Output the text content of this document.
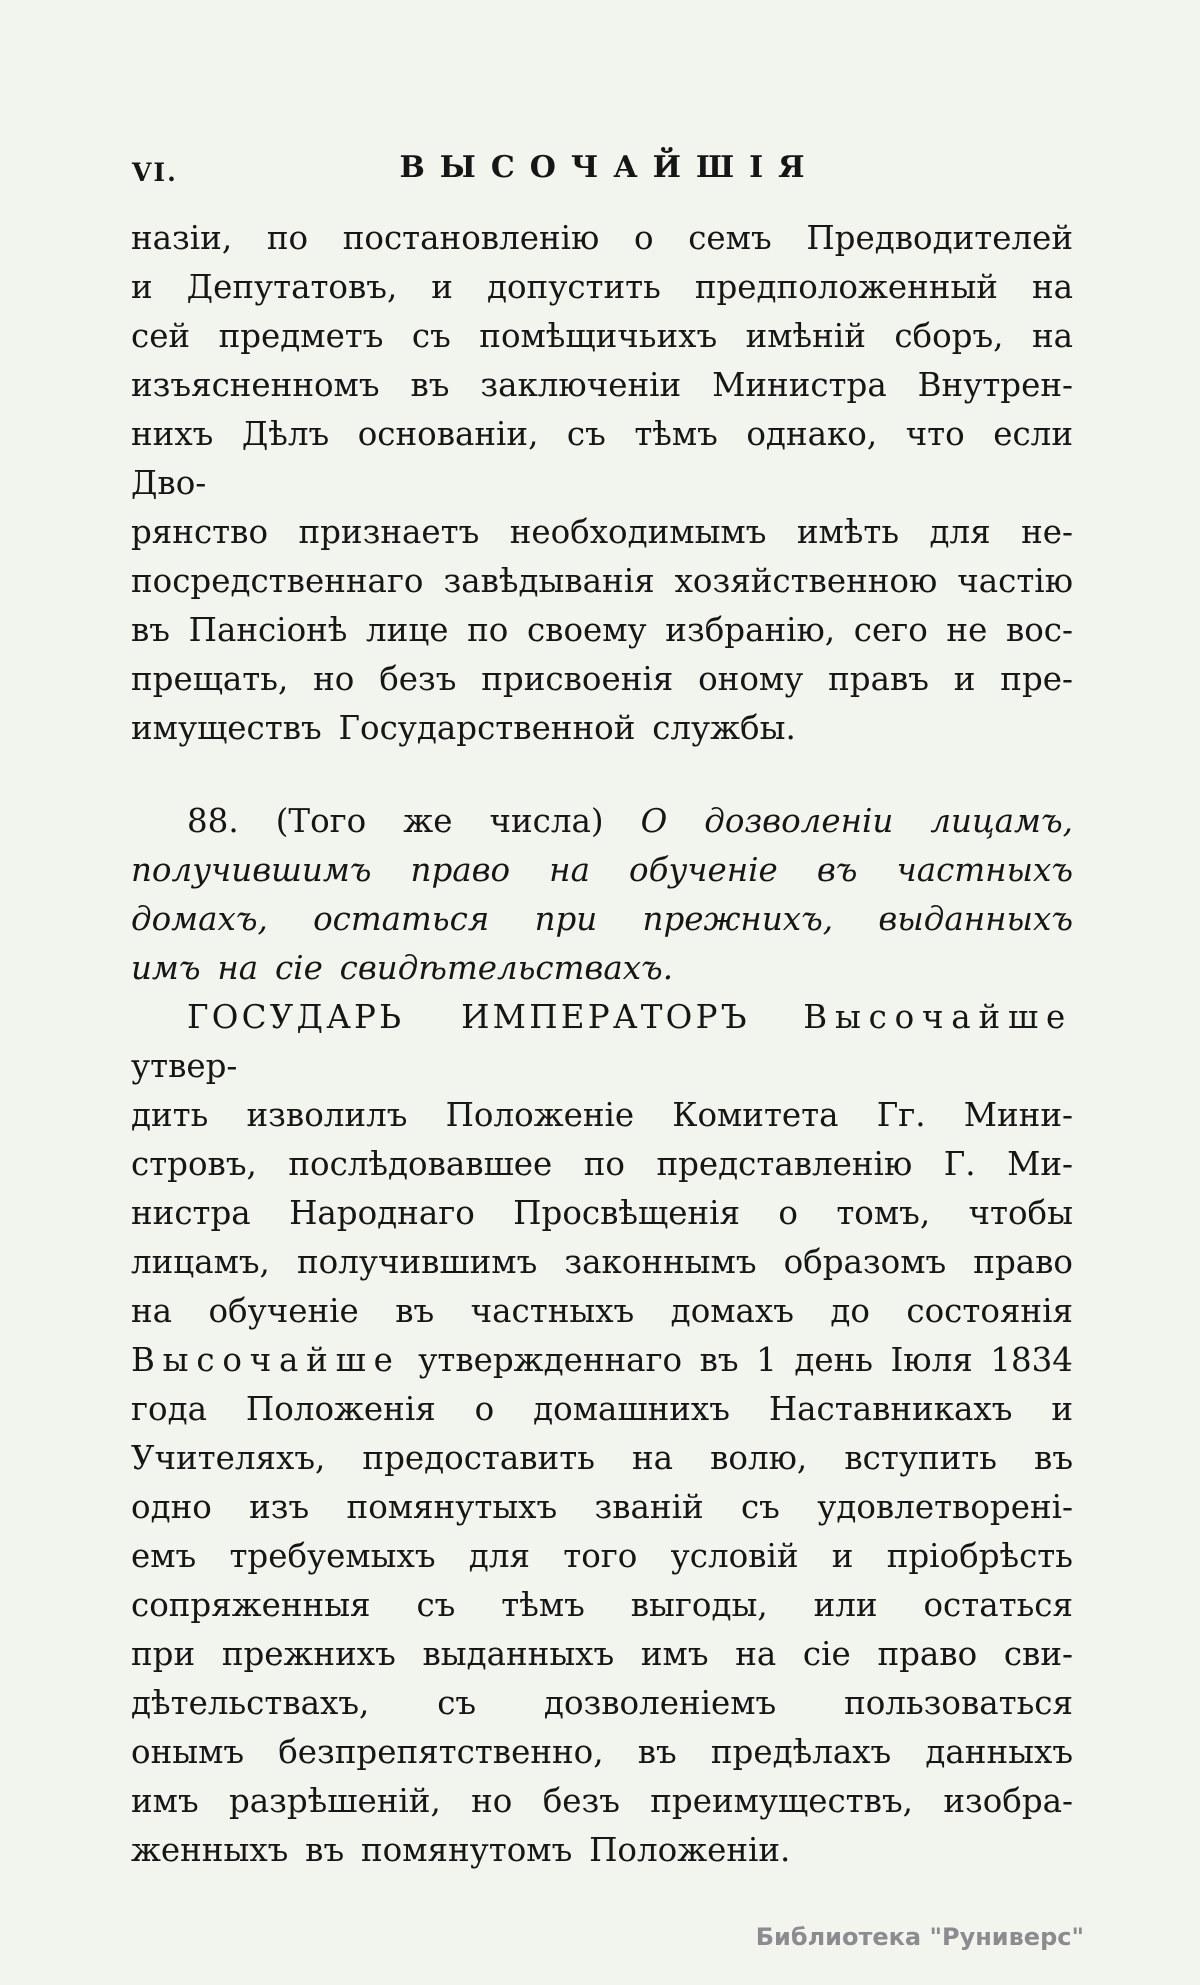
VI.	ВЫСОЧАЙШІЯ
назіи, по постановленію о семъ Предводителей
и Депутатовъ, и допустить предположенный на
сей предметъ съ помѣщичьихъ имѣній сборъ, на
изъясненномъ въ заключеніи Министра Внутрен-
нихъ Дѣлъ основаніи, съ тѣмъ однако, что если Дво-
рянство признаетъ необходимымъ имѣть для не-
посредственнаго завѣдыванія хозяйственною частію
въ Пансіонѣ лице по своему избранію, сего не вос-
прещать, но безъ присвоенія оному правъ и пре-
имуществъ Государственной службы.
88. (Того же числа) О дозволеніи лицамъ,
получившимъ право на обученіе въ частныхъ
домахъ, остаться при прежнихъ, выданныхъ
имъ на сіе свидѣтельствахъ.
ГОСУДАРЬ ИМПЕРАТОРЪ Высочайше утвер-
дить изволилъ Положеніе Комитета Гг. Мини-
стровъ, послѣдовавшее по представленію Г. Ми-
нистра Народнаго Просвѣщенія о томъ, чтобы
лицамъ, получившимъ законнымъ образомъ право
на обученіе въ частныхъ домахъ до состоянія
Высочайше утвержденнаго въ 1 день Іюля 1834
года Положенія о домашнихъ Наставникахъ и
Учителяхъ, предоставить на волю, вступить въ
одно изъ помянутыхъ званій съ удовлетворені-
емъ требуемыхъ для того условій и пріобрѣсть
сопряженныя съ тѣмъ выгоды, или остаться
при прежнихъ выданныхъ имъ на сіе право сви-
дѣтельствахъ, съ дозволеніемъ пользоваться
онымъ безпрепятственно, въ предѣлахъ данныхъ
имъ разрѣшеній, но безъ преимуществъ, изобра-
женныхъ въ помянутомъ Положеніи.
Библиотека "Руниверс"
